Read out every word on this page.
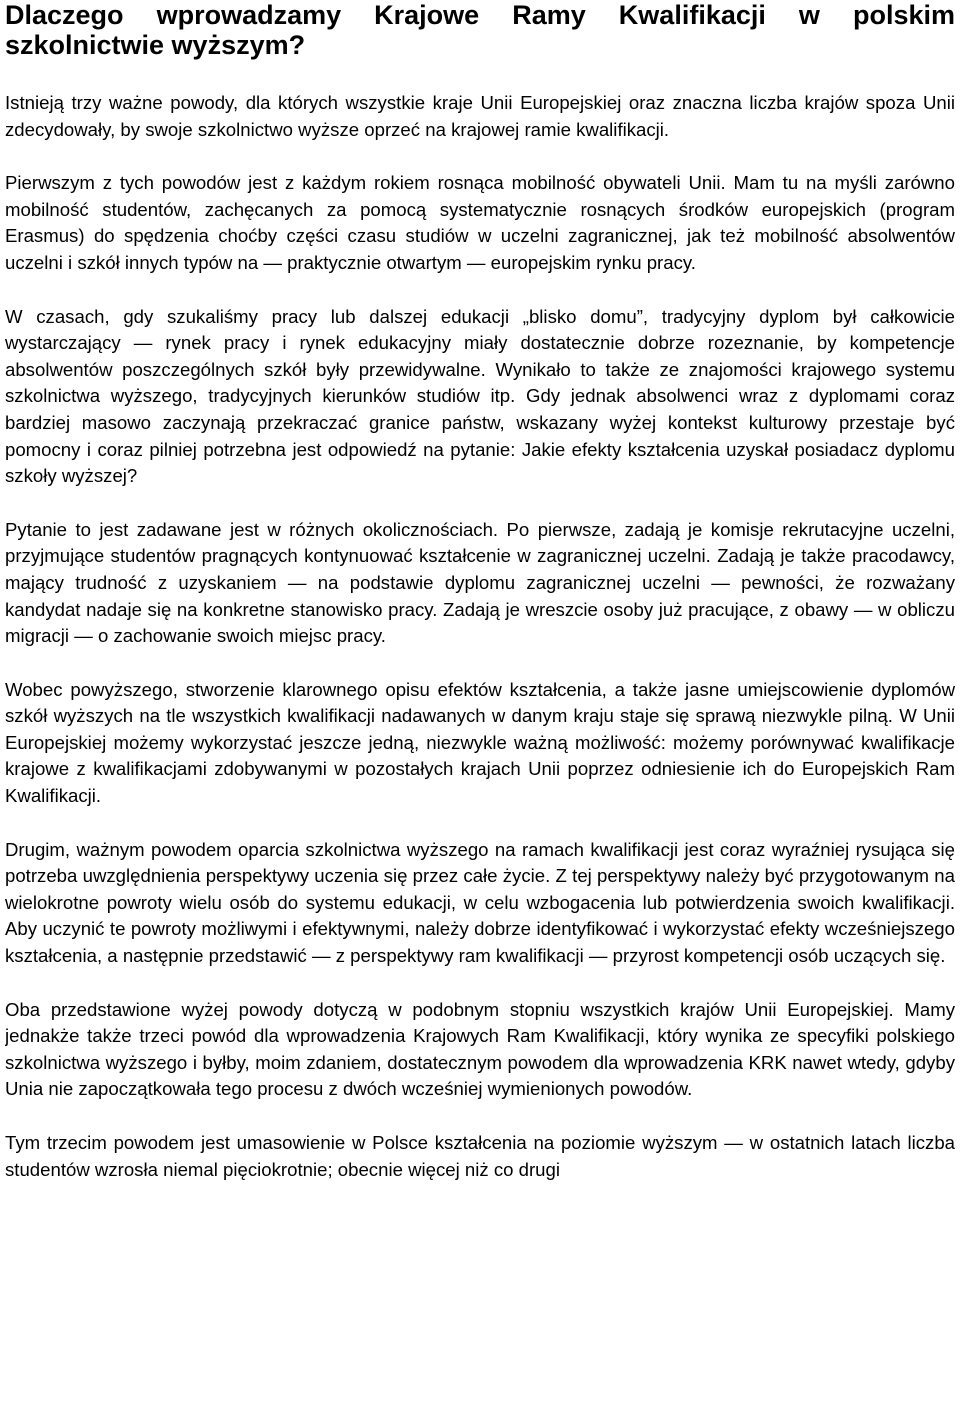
Dlaczego wprowadzamy Krajowe Ramy Kwalifikacji w polskim
szkolnictwie wyższym?

Istnieją trzy ważne powody, dla których wszystkie kraje Unii Europejskiej oraz znaczna liczba krajów spoza Unii zdecydowały, by swoje szkolnictwo wyższe oprzeć na krajowej ramie kwalifikacji.

Pierwszym z tych powodów jest z każdym rokiem rosnąca mobilność obywateli Unii. Mam tu na myśli zarówno mobilność studentów, zachęcanych za pomocą systematycznie rosnących środków europejskich (program Erasmus) do spędzenia choćby części czasu studiów w uczelni zagranicznej, jak też mobilność absolwentów uczelni i szkół innych typów na — praktycznie otwartym — europejskim rynku pracy.

W czasach, gdy szukaliśmy pracy lub dalszej edukacji „blisko domu”, tradycyjny dyplom był całkowicie wystarczający — rynek pracy i rynek edukacyjny miały dostatecznie dobrze rozeznanie, by kompetencje absolwentów poszczególnych szkół były przewidywalne. Wynikało to także ze znajomości krajowego systemu szkolnictwa wyższego, tradycyjnych kierunków studiów itp. Gdy jednak absolwenci wraz z dyplomami coraz bardziej masowo zaczynają przekraczać granice państw, wskazany wyżej kontekst kulturowy przestaje być pomocny i coraz pilniej potrzebna jest odpowiedź na pytanie: Jakie efekty kształcenia uzyskał posiadacz dyplomu szkoły wyższej?

Pytanie to jest zadawane jest w różnych okolicznościach. Po pierwsze, zadają je komisje rekrutacyjne uczelni, przyjmujące studentów pragnących kontynuować kształcenie w zagranicznej uczelni. Zadają je także pracodawcy, mający trudność z uzyskaniem — na podstawie dyplomu zagranicznej uczelni — pewności, że rozważany kandydat nadaje się na konkretne stanowisko pracy. Zadają je wreszcie osoby już pracujące, z obawy — w obliczu migracji — o zachowanie swoich miejsc pracy.

Wobec powyższego, stworzenie klarownego opisu efektów kształcenia, a także jasne umiejscowienie dyplomów szkół wyższych na tle wszystkich kwalifikacji nadawanych w danym kraju staje się sprawą niezwykle pilną. W Unii Europejskiej możemy wykorzystać jeszcze jedną, niezwykle ważną możliwość: możemy porównywać kwalifikacje krajowe z kwalifikacjami zdobywanymi w pozostałych krajach Unii poprzez odniesienie ich do Europejskich Ram Kwalifikacji.

Drugim, ważnym powodem oparcia szkolnictwa wyższego na ramach kwalifikacji jest coraz wyraźniej rysująca się potrzeba uwzględnienia perspektywy uczenia się przez całe życie. Z tej perspektywy należy być przygotowanym na wielokrotne powroty wielu osób do systemu edukacji, w celu wzbogacenia lub potwierdzenia swoich kwalifikacji. Aby uczynić te powroty możliwymi i efektywnymi, należy dobrze identyfikować i wykorzystać efekty wcześniejszego kształcenia, a następnie przedstawić — z perspektywy ram kwalifikacji — przyrost kompetencji osób uczących się.

Oba przedstawione wyżej powody dotyczą w podobnym stopniu wszystkich krajów Unii Europejskiej. Mamy jednakże także trzeci powód dla wprowadzenia Krajowych Ram Kwalifikacji, który wynika ze specyfiki polskiego szkolnictwa wyższego i byłby, moim zdaniem, dostatecznym powodem dla wprowadzenia KRK nawet wtedy, gdyby Unia nie zapoczątkowała tego procesu z dwóch wcześniej wymienionych powodów.

Tym trzecim powodem jest umasowienie w Polsce kształcenia na poziomie wyższym — w ostatnich latach liczba studentów wzrosła niemal pięciokrotnie; obecnie więcej niż co drugi
